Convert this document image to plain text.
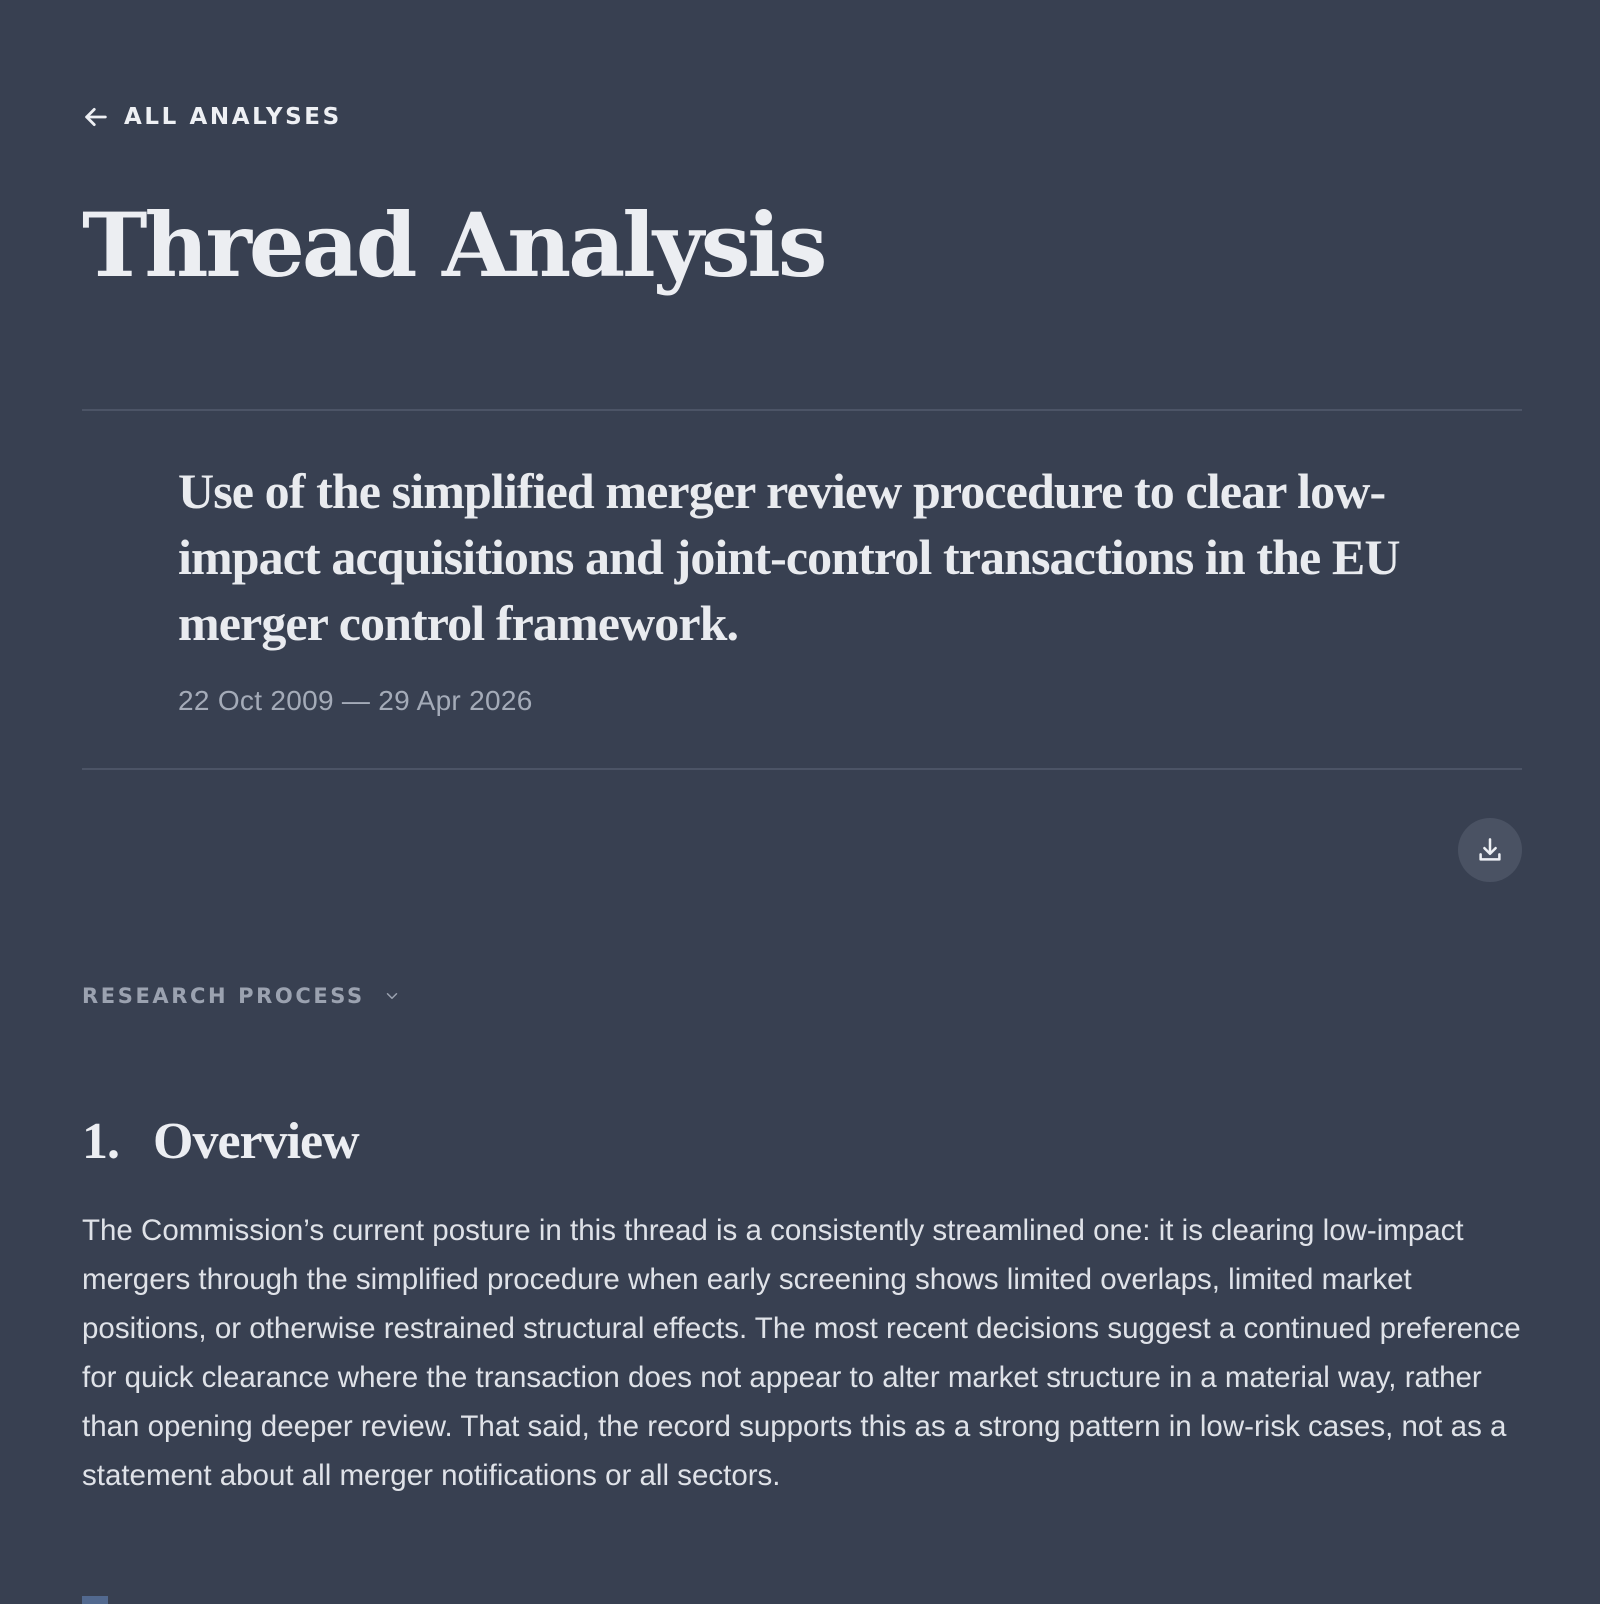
ALL ANALYSES
Thread Analysis
Use of the simplified merger review procedure to clear low-impact acquisitions and joint-control transactions in the EU merger control framework.
22 Oct 2009 — 29 Apr 2026
RESEARCH PROCESS
1. Overview

The Commission’s current posture in this thread is a consistently streamlined one: it is clearing low-impact mergers through the simplified procedure when early screening shows limited overlaps, limited market positions, or otherwise restrained structural effects. The most recent decisions suggest a continued preference for quick clearance where the transaction does not appear to alter market structure in a material way, rather than opening deeper review. That said, the record supports this as a strong pattern in low-risk cases, not as a statement about all merger notifications or all sectors.
